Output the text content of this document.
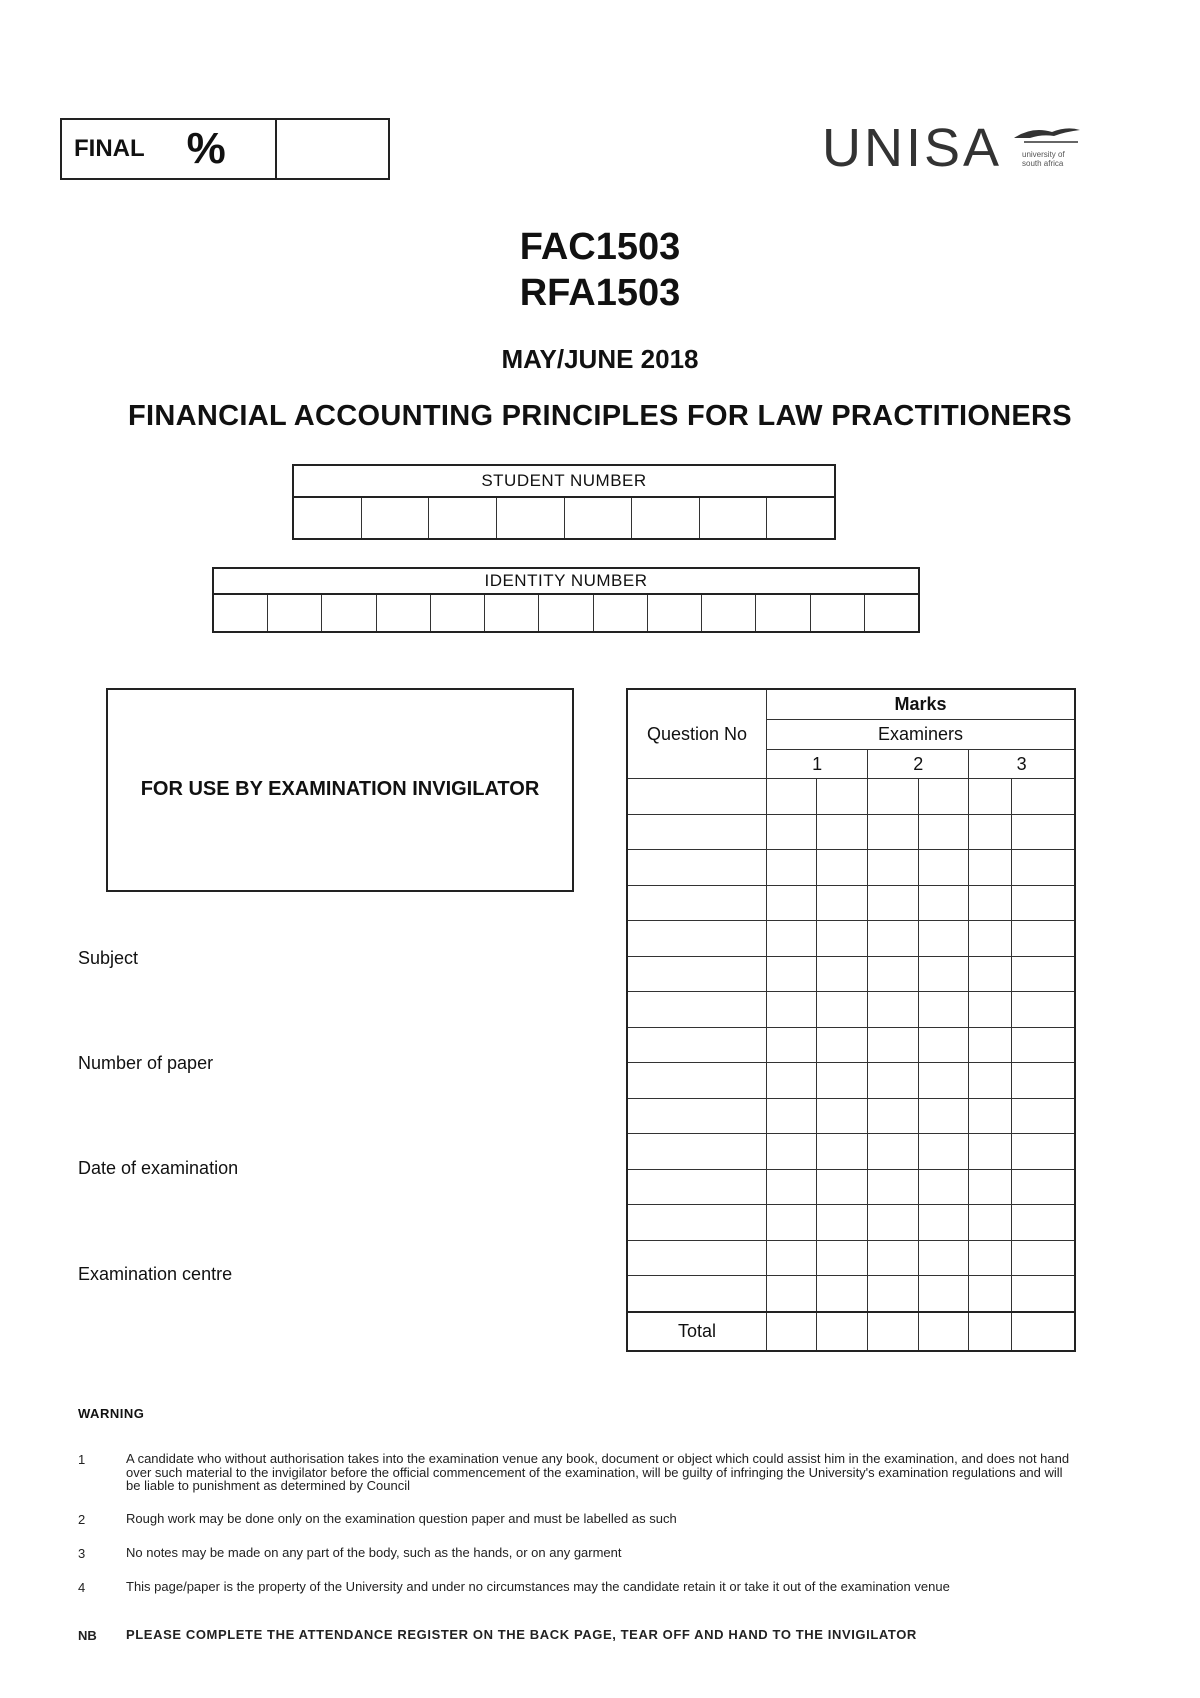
FINAL %	UNISA university of south africa
FAC1503
RFA1503
MAY/JUNE 2018
FINANCIAL ACCOUNTING PRINCIPLES FOR LAW PRACTITIONERS
STUDENT NUMBER
IDENTITY NUMBER
FOR USE BY EXAMINATION INVIGILATOR
Subject
Number of paper
Date of examination
Examination centre
Question No	Marks					
	Examiners					
	1		2		3	

Total						
WARNING
1	A candidate who without authorisation takes into the examination venue any book, document or object which could assist him in the examination, and does not hand over such material to the invigilator before the official commencement of the examination, will be guilty of infringing the University's examination regulations and will be liable to punishment as determined by Council
2	Rough work may be done only on the examination question paper and must be labelled as such
3	No notes may be made on any part of the body, such as the hands, or on any garment
4	This page/paper is the property of the University and under no circumstances may the candidate retain it or take it out of the examination venue
NB PLEASE COMPLETE THE ATTENDANCE REGISTER ON THE BACK PAGE, TEAR OFF AND HAND TO THE INVIGILATOR
